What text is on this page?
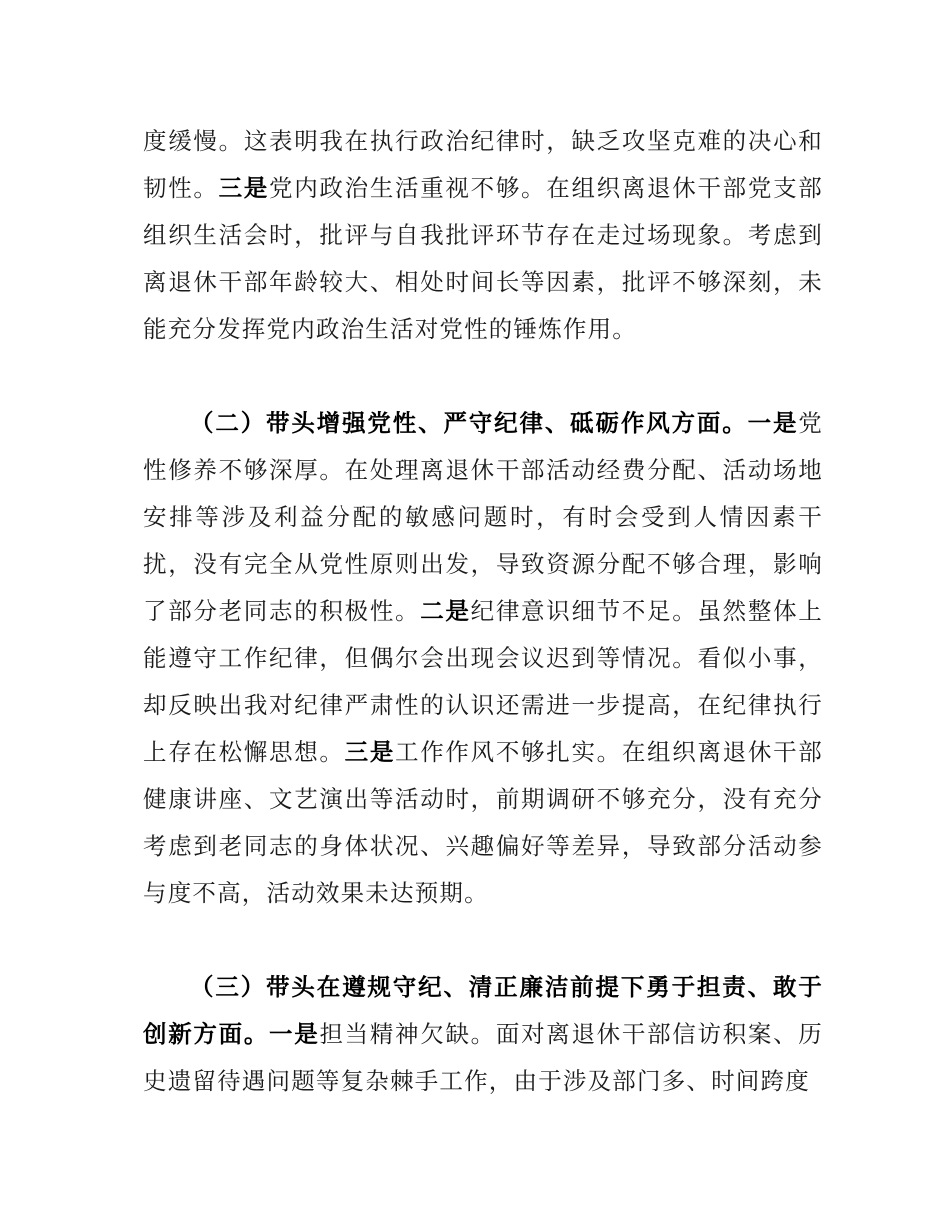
度缓慢。这表明我在执行政治纪律时，缺乏攻坚克难的决心和韧性。三是党内政治生活重视不够。在组织离退休干部党支部组织生活会时，批评与自我批评环节存在走过场现象。考虑到离退休干部年龄较大、相处时间长等因素，批评不够深刻，未能充分发挥党内政治生活对党性的锤炼作用。

（二）带头增强党性、严守纪律、砥砺作风方面。一是党性修养不够深厚。在处理离退休干部活动经费分配、活动场地安排等涉及利益分配的敏感问题时，有时会受到人情因素干扰，没有完全从党性原则出发，导致资源分配不够合理，影响了部分老同志的积极性。二是纪律意识细节不足。虽然整体上能遵守工作纪律，但偶尔会出现会议迟到等情况。看似小事，却反映出我对纪律严肃性的认识还需进一步提高，在纪律执行上存在松懈思想。三是工作作风不够扎实。在组织离退休干部健康讲座、文艺演出等活动时，前期调研不够充分，没有充分考虑到老同志的身体状况、兴趣偏好等差异，导致部分活动参与度不高，活动效果未达预期。

（三）带头在遵规守纪、清正廉洁前提下勇于担责、敢于创新方面。一是担当精神欠缺。面对离退休干部信访积案、历史遗留待遇问题等复杂棘手工作，由于涉及部门多、时间跨度
